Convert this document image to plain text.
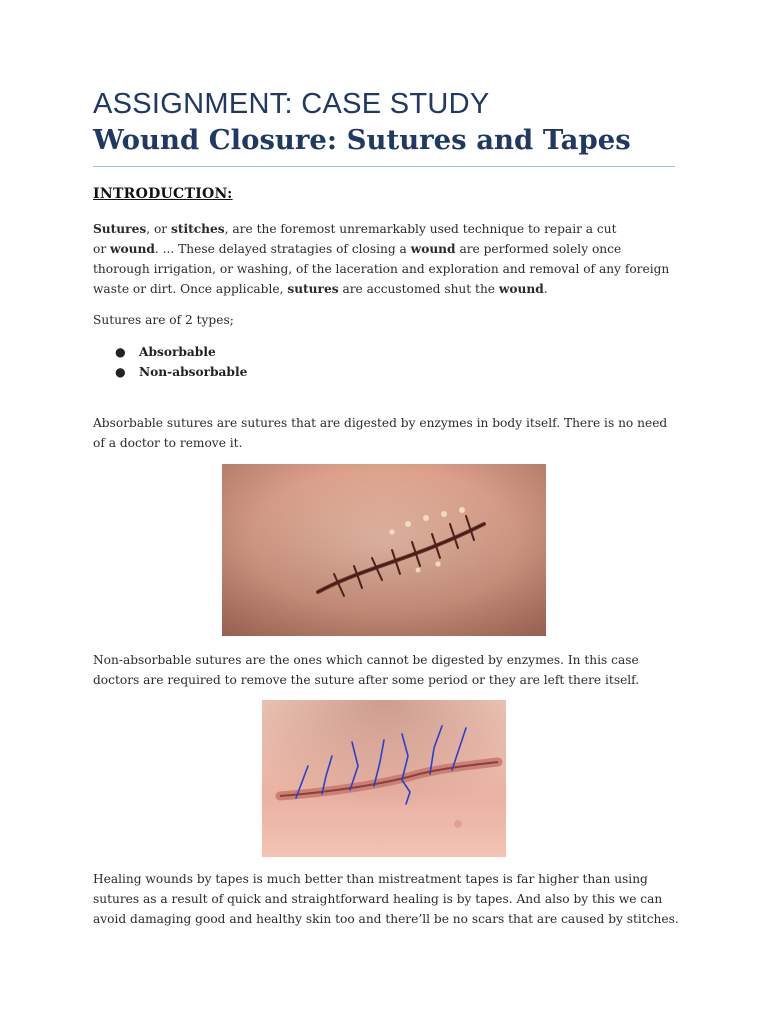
ASSIGNMENT: CASE STUDY
Wound Closure: Sutures and Tapes
INTRODUCTION:

Sutures, or stitches, are the foremost unremarkably used technique to repair a cut
or wound. ... These delayed stratagies of closing a wound are performed solely once
thorough irrigation, or washing, of the laceration and exploration and removal of any foreign
waste or dirt. Once applicable, sutures are accustomed shut the wound.

Sutures are of 2 types;

● Absorbable
● Non-absorbable

Absorbable sutures are sutures that are digested by enzymes in body itself. There is no need
of a doctor to remove it.

Non-absorbable sutures are the ones which cannot be digested by enzymes. In this case
doctors are required to remove the suture after some period or they are left there itself.

Healing wounds by tapes is much better than mistreatment tapes is far higher than using
sutures as a result of quick and straightforward healing is by tapes. And also by this we can
avoid damaging good and healthy skin too and there’ll be no scars that are caused by stitches.
